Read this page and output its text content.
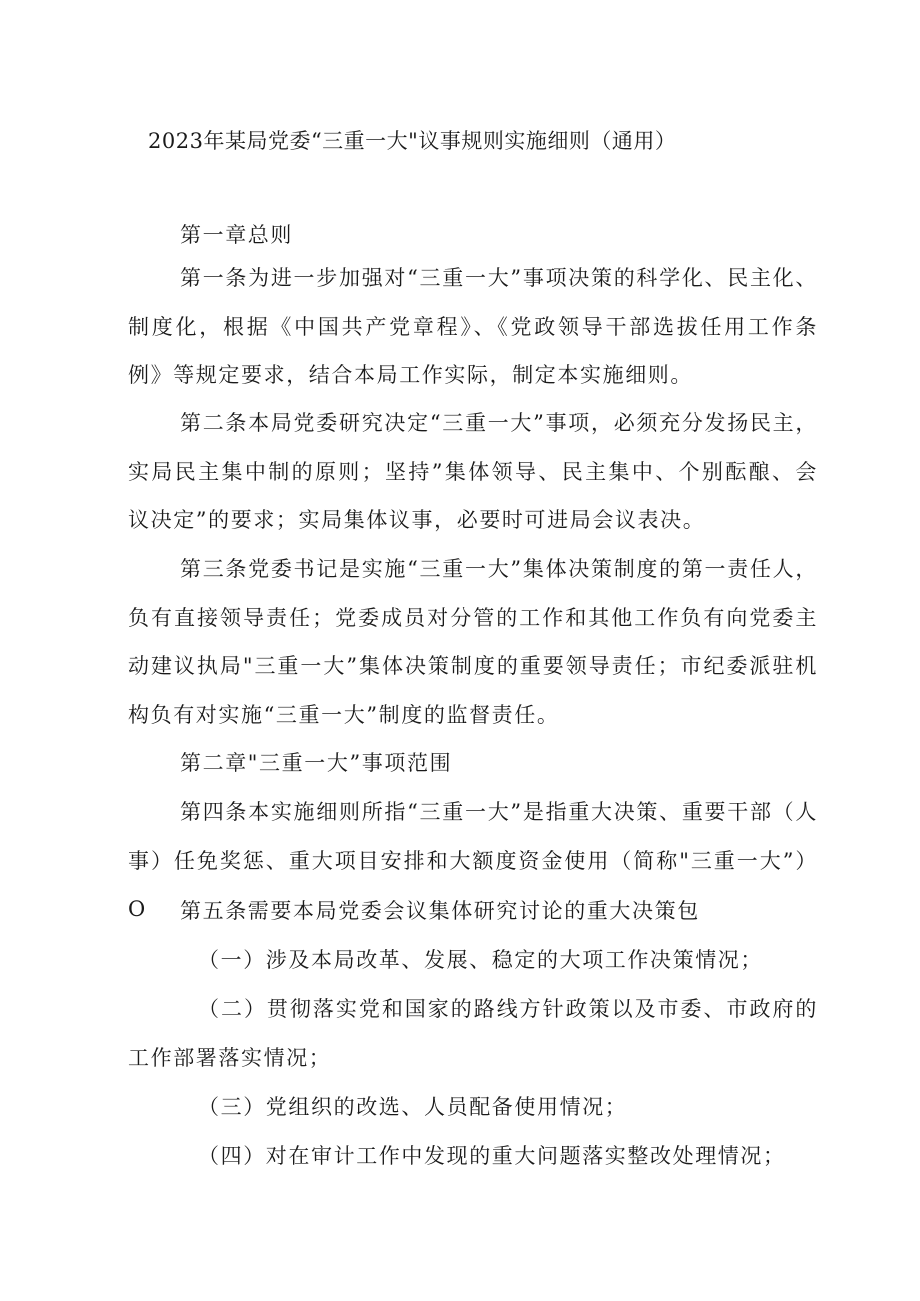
2023年某局党委“三重一大"议事规则实施细则（通用）

第一章总则

第一条为进一步加强对“三重一大”事项决策的科学化、民主化、制度化，根据《中国共产党章程》、《党政领导干部选拔任用工作条例》等规定要求，结合本局工作实际，制定本实施细则。

第二条本局党委研究决定“三重一大”事项，必须充分发扬民主，实局民主集中制的原则；坚持”集体领导、民主集中、个别酝酿、会议决定”的要求；实局集体议事，必要时可进局会议表决。

第三条党委书记是实施“三重一大”集体决策制度的第一责任人，负有直接领导责任；党委成员对分管的工作和其他工作负有向党委主动建议执局"三重一大”集体决策制度的重要领导责任；市纪委派驻机构负有对实施“三重一大”制度的监督责任。

第二章"三重一大”事项范围

第四条本实施细则所指“三重一大”是指重大决策、重要干部（人事）任免奖惩、重大项目安排和大额度资金使用（简称"三重一大”）O	第五条需要本局党委会议集体研究讨论的重大决策包

（一）涉及本局改革、发展、稳定的大项工作决策情况；

（二）贯彻落实党和国家的路线方针政策以及市委、市政府的工作部署落实情况；

（三）党组织的改选、人员配备使用情况；

（四）对在审计工作中发现的重大问题落实整改处理情况；
